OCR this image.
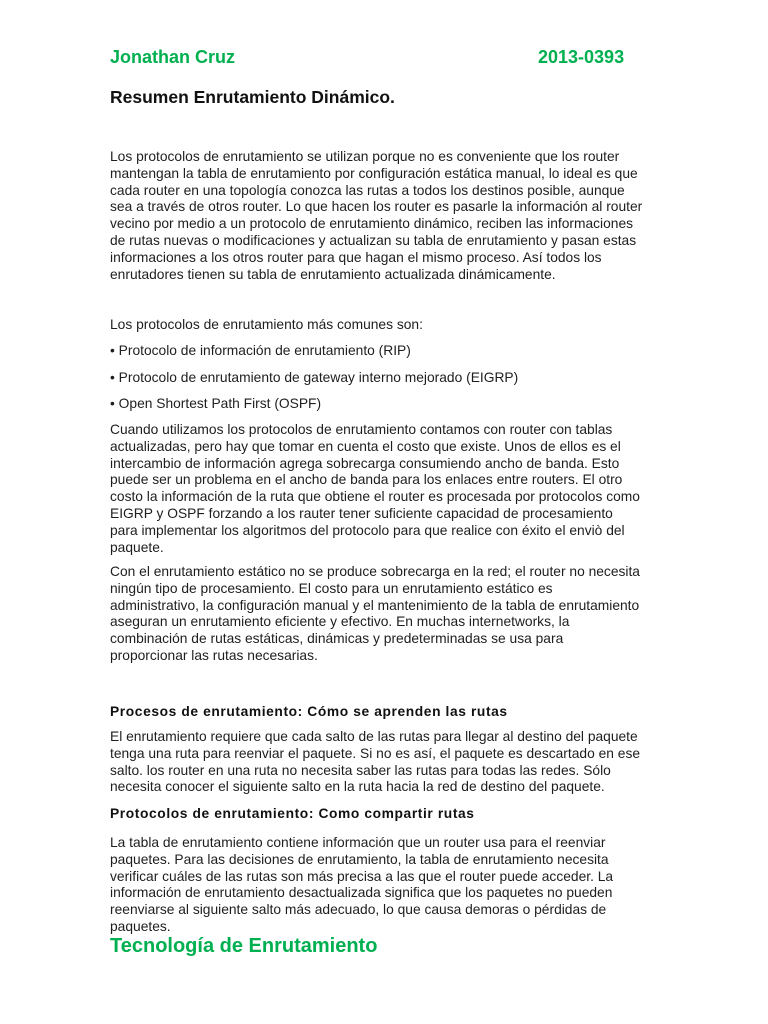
Jonathan Cruz	2013-0393
Resumen Enrutamiento Dinámico.
Los protocolos de enrutamiento se utilizan porque no es conveniente que los router
mantengan la tabla de enrutamiento por configuración estática manual, lo ideal es que
cada router en una topología conozca las rutas a todos los destinos posible, aunque
sea a través de otros router. Lo que hacen los router es pasarle la información al router
vecino por medio a un protocolo de enrutamiento dinámico, reciben las informaciones
de rutas nuevas o modificaciones y actualizan su tabla de enrutamiento y pasan estas
informaciones a los otros router para que hagan el mismo proceso. Así todos los
enrutadores tienen su tabla de enrutamiento actualizada dinámicamente.
Los protocolos de enrutamiento más comunes son:
• Protocolo de información de enrutamiento (RIP)
• Protocolo de enrutamiento de gateway interno mejorado (EIGRP)
• Open Shortest Path First (OSPF)
Cuando utilizamos los protocolos de enrutamiento contamos con router con tablas
actualizadas, pero hay que tomar en cuenta el costo que existe. Unos de ellos es el
intercambio de información agrega sobrecarga consumiendo ancho de banda. Esto
puede ser un problema en el ancho de banda para los enlaces entre routers. El otro
costo la información de la ruta que obtiene el router es procesada por protocolos como
EIGRP y OSPF forzando a los rauter tener suficiente capacidad de procesamiento
para implementar los algoritmos del protocolo para que realice con éxito el enviò del
paquete.
Con el enrutamiento estático no se produce sobrecarga en la red; el router no necesita
ningún tipo de procesamiento. El costo para un enrutamiento estático es
administrativo, la configuración manual y el mantenimiento de la tabla de enrutamiento
aseguran un enrutamiento eficiente y efectivo. En muchas internetworks, la
combinación de rutas estáticas, dinámicas y predeterminadas se usa para
proporcionar las rutas necesarias.
Procesos de enrutamiento: Cómo se aprenden las rutas
El enrutamiento requiere que cada salto de las rutas para llegar al destino del paquete
tenga una ruta para reenviar el paquete. Si no es así, el paquete es descartado en ese
salto. los router en una ruta no necesita saber las rutas para todas las redes. Sólo
necesita conocer el siguiente salto en la ruta hacia la red de destino del paquete.
Protocolos de enrutamiento: Como compartir rutas
La tabla de enrutamiento contiene información que un router usa para el reenviar
paquetes. Para las decisiones de enrutamiento, la tabla de enrutamiento necesita
verificar cuáles de las rutas son más precisa a las que el router puede acceder. La
información de enrutamiento desactualizada significa que los paquetes no pueden
reenviarse al siguiente salto más adecuado, lo que causa demoras o pérdidas de
paquetes.
Tecnología de Enrutamiento
